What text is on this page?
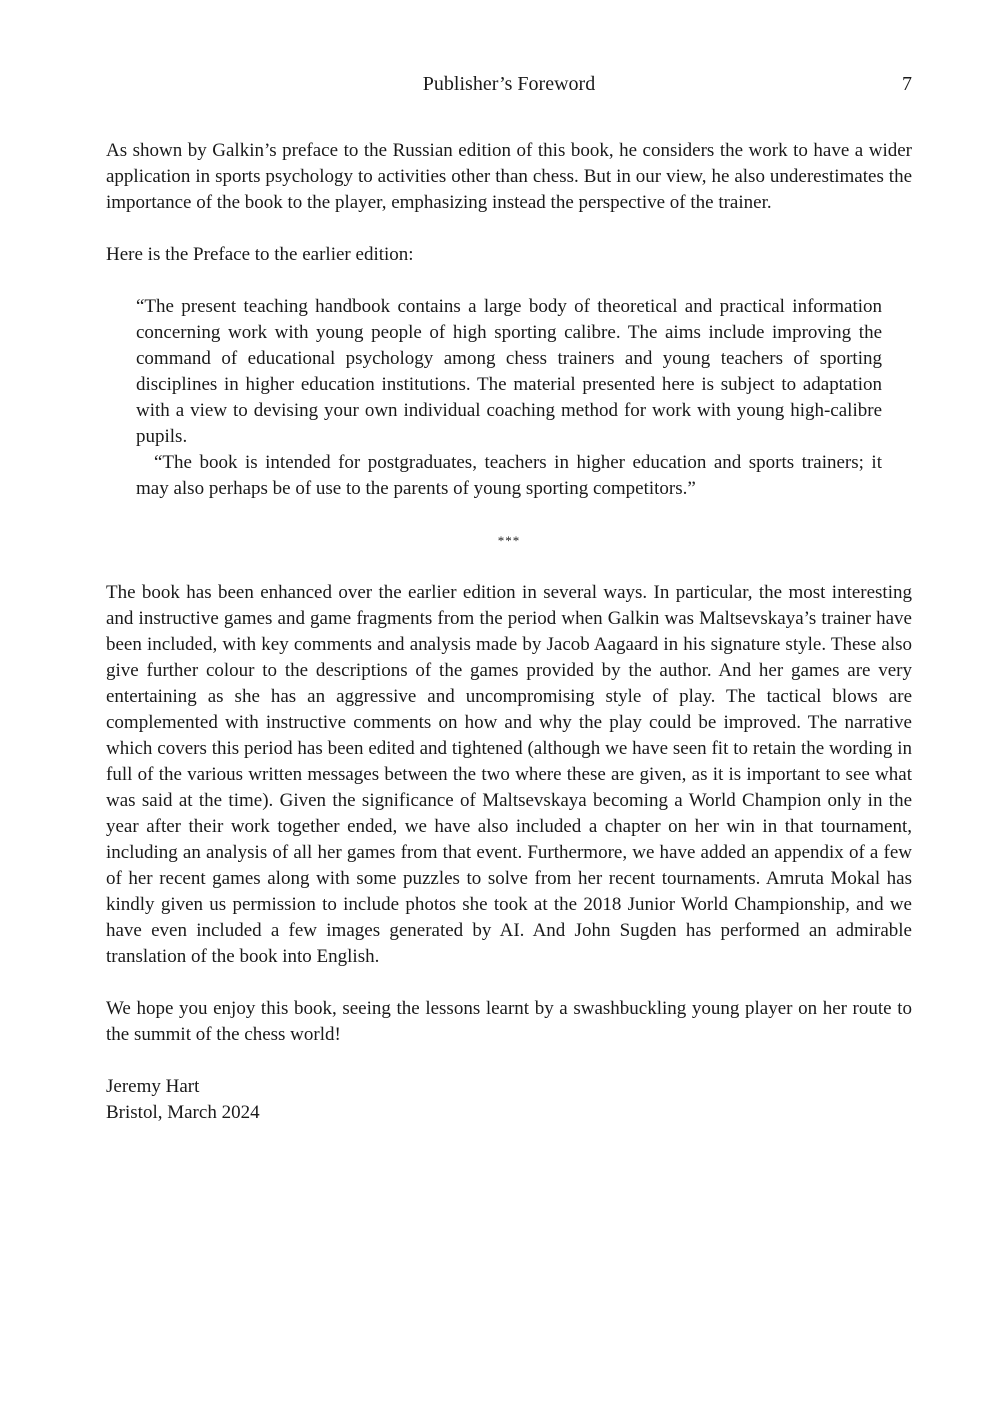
Publisher’s Foreword	7

As shown by Galkin’s preface to the Russian edition of this book, he considers the work to have a wider application in sports psychology to activities other than chess. But in our view, he also underestimates the importance of the book to the player, emphasizing instead the perspective of the trainer.

Here is the Preface to the earlier edition:

“The present teaching handbook contains a large body of theoretical and practical information concerning work with young people of high sporting calibre. The aims include improving the command of educational psychology among chess trainers and young teachers of sporting disciplines in higher education institutions. The material presented here is subject to adaptation with a view to devising your own individual coaching method for work with young high-calibre pupils.

“The book is intended for postgraduates, teachers in higher education and sports trainers; it may also perhaps be of use to the parents of young sporting competitors.”

***

The book has been enhanced over the earlier edition in several ways. In particular, the most interesting and instructive games and game fragments from the period when Galkin was Maltsevskaya’s trainer have been included, with key comments and analysis made by Jacob Aagaard in his signature style. These also give further colour to the descriptions of the games provided by the author. And her games are very entertaining as she has an aggressive and uncompromising style of play. The tactical blows are complemented with instructive comments on how and why the play could be improved. The narrative which covers this period has been edited and tightened (although we have seen fit to retain the wording in full of the various written messages between the two where these are given, as it is important to see what was said at the time). Given the significance of Maltsevskaya becoming a World Champion only in the year after their work together ended, we have also included a chapter on her win in that tournament, including an analysis of all her games from that event. Furthermore, we have added an appendix of a few of her recent games along with some puzzles to solve from her recent tournaments. Amruta Mokal has kindly given us permission to include photos she took at the 2018 Junior World Championship, and we have even included a few images generated by AI. And John Sugden has performed an admirable translation of the book into English.

We hope you enjoy this book, seeing the lessons learnt by a swashbuckling young player on her route to the summit of the chess world!

Jeremy Hart
Bristol, March 2024
